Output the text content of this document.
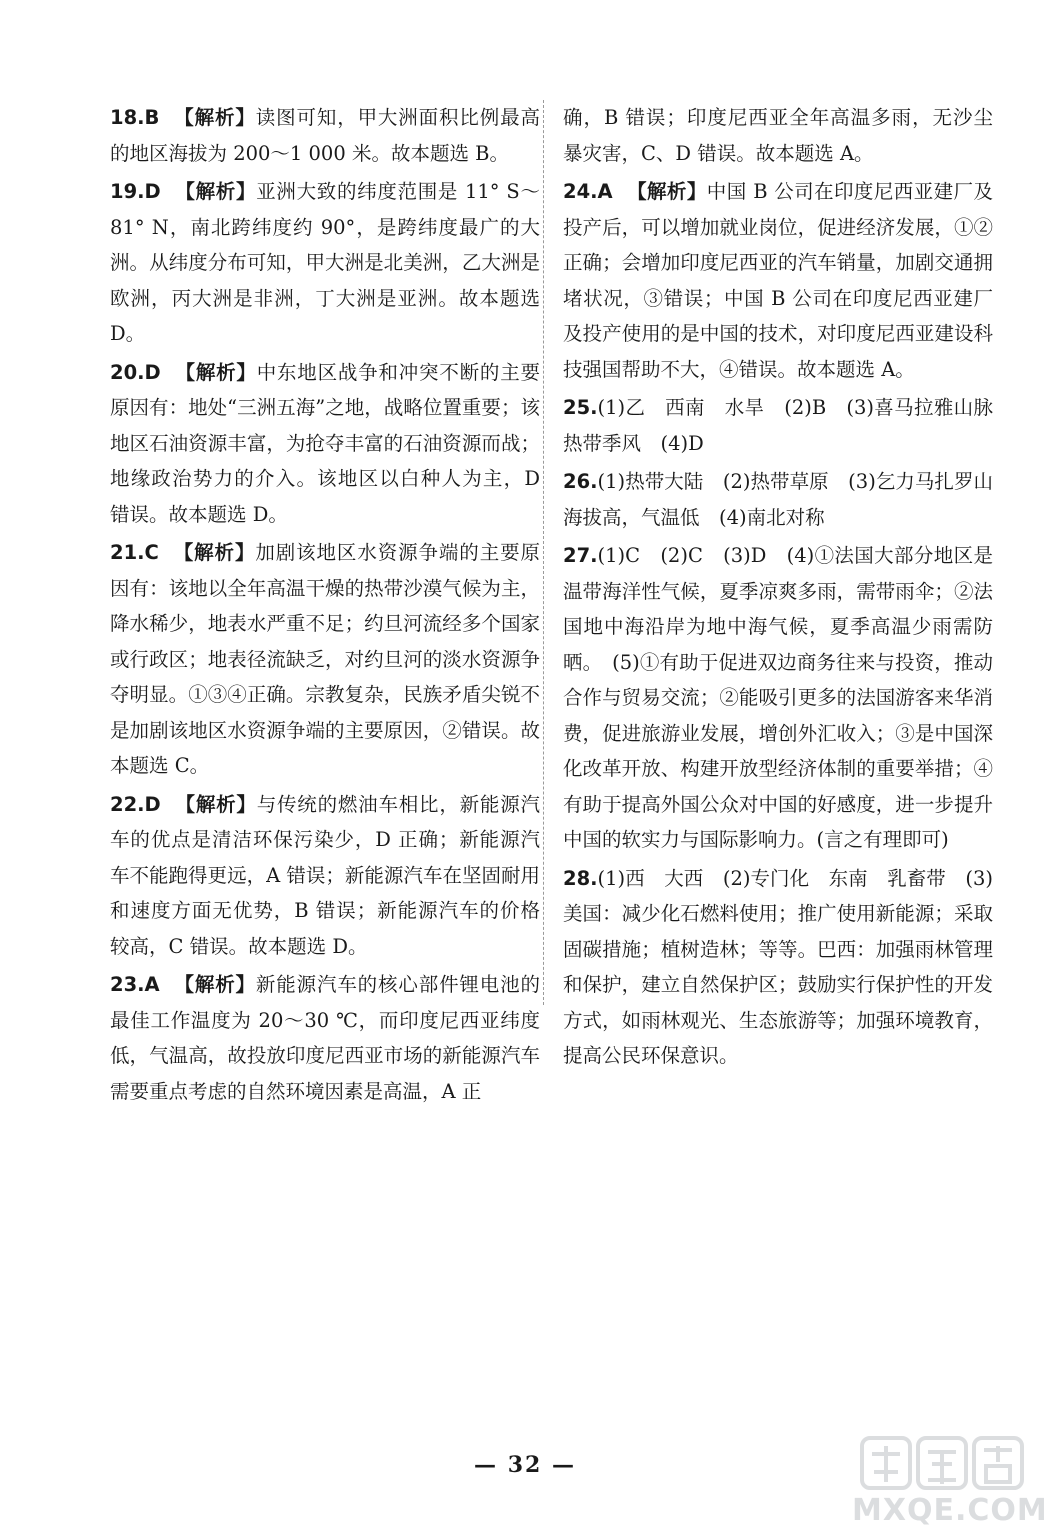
18.B 【解析】读图可知，甲大洲面积比例最高的地区海拔为 200～1 000 米。故本题选 B。

19.D 【解析】亚洲大致的纬度范围是 11° S～81° N，南北跨纬度约 90°，是跨纬度最广的大洲。从纬度分布可知，甲大洲是北美洲，乙大洲是欧洲，丙大洲是非洲，丁大洲是亚洲。故本题选 D。

20.D 【解析】中东地区战争和冲突不断的主要原因有：地处“三洲五海”之地，战略位置重要；该地区石油资源丰富，为抢夺丰富的石油资源而战；地缘政治势力的介入。该地区以白种人为主，D 错误。故本题选 D。

21.C 【解析】加剧该地区水资源争端的主要原因有：该地以全年高温干燥的热带沙漠气候为主，降水稀少，地表水严重不足；约旦河流经多个国家或行政区；地表径流缺乏，对约旦河的淡水资源争夺明显。①③④正确。宗教复杂，民族矛盾尖锐不是加剧该地区水资源争端的主要原因，②错误。故本题选 C。

22.D 【解析】与传统的燃油车相比，新能源汽车的优点是清洁环保污染少，D 正确；新能源汽车不能跑得更远，A 错误；新能源汽车在坚固耐用和速度方面无优势，B 错误；新能源汽车的价格较高，C 错误。故本题选 D。

23.A 【解析】新能源汽车的核心部件锂电池的最佳工作温度为 20～30 ℃，而印度尼西亚纬度低，气温高，故投放印度尼西亚市场的新能源汽车需要重点考虑的自然环境因素是高温，A 正

确，B 错误；印度尼西亚全年高温多雨，无沙尘暴灾害，C、D 错误。故本题选 A。

24.A 【解析】中国 B 公司在印度尼西亚建厂及投产后，可以增加就业岗位，促进经济发展，①②正确；会增加印度尼西亚的汽车销量，加剧交通拥堵状况，③错误；中国 B 公司在印度尼西亚建厂及投产使用的是中国的技术，对印度尼西亚建设科技强国帮助不大，④错误。故本题选 A。

25.(1)乙　西南　水旱　(2)B　(3)喜马拉雅山脉　热带季风　(4)D

26.(1)热带大陆　(2)热带草原　(3)乞力马扎罗山　海拔高，气温低　(4)南北对称

27.(1)C　(2)C　(3)D　(4)①法国大部分地区是温带海洋性气候，夏季凉爽多雨，需带雨伞；②法国地中海沿岸为地中海气候，夏季高温少雨需防晒。　(5)①有助于促进双边商务往来与投资，推动合作与贸易交流；②能吸引更多的法国游客来华消费，促进旅游业发展，增创外汇收入；③是中国深化改革开放、构建开放型经济体制的重要举措；④有助于提高外国公众对中国的好感度，进一步提升中国的软实力与国际影响力。(言之有理即可)

28.(1)西　大西　(2)专门化　东南　乳畜带　(3)美国：减少化石燃料使用；推广使用新能源；采取固碳措施；植树造林；等等。巴西：加强雨林管理和保护，建立自然保护区；鼓励实行保护性的开发方式，如雨林观光、生态旅游等；加强环境教育，提高公民环保意识。

— 32 —
MXQE.COM
